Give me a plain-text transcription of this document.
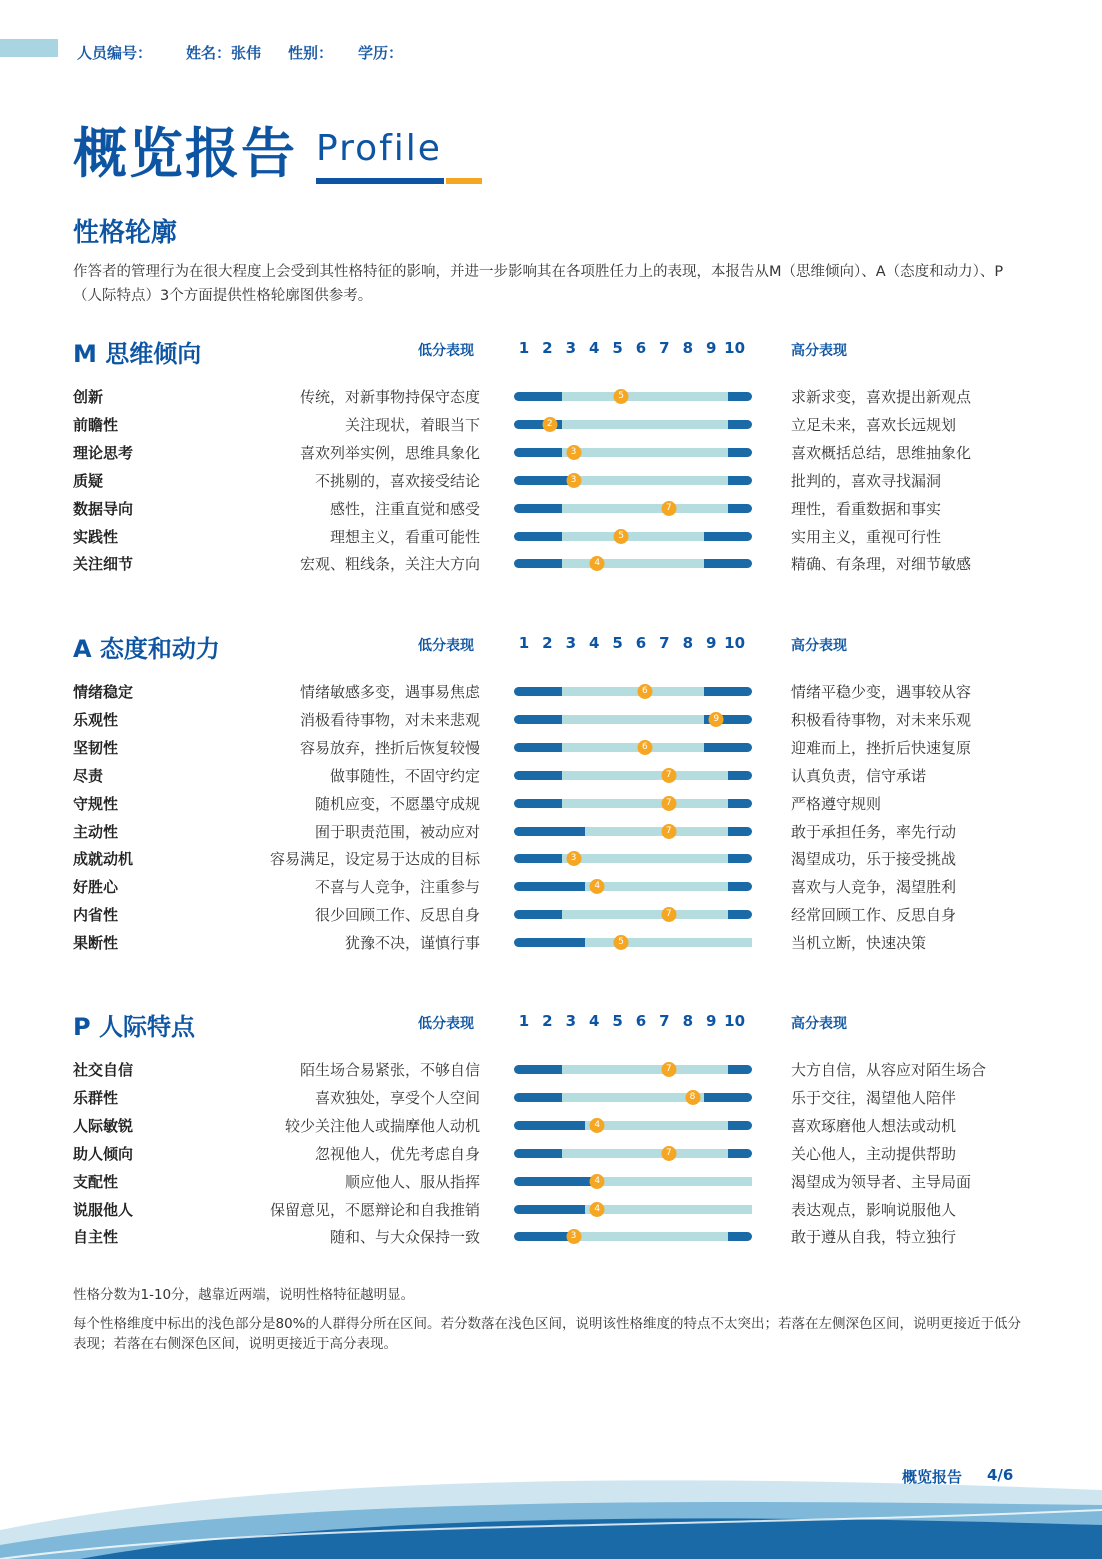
人员编号： 姓名：张伟 性别： 学历：
概览报告 Profile
性格轮廓
作答者的管理行为在很大程度上会受到其性格特征的影响，并进一步影响其在各项胜任力上的表现，本报告从M（思维倾向）、A（态度和动力）、P（人际特点）3个方面提供性格轮廓图供参考。
M 思维倾向	低分表现	高分表现
1 2 3 4 5 6 7 8 9 10
创新	传统，对新事物持保守态度	5	求新求变，喜欢提出新观点
前瞻性	关注现状，着眼当下	2	立足未来，喜欢长远规划
理论思考	喜欢列举实例，思维具象化	3	喜欢概括总结，思维抽象化
质疑	不挑剔的，喜欢接受结论	3	批判的，喜欢寻找漏洞
数据导向	感性，注重直觉和感受	7	理性，看重数据和事实
实践性	理想主义，看重可能性	5	实用主义，重视可行性
关注细节	宏观、粗线条，关注大方向	4	精确、有条理，对细节敏感
A 态度和动力	低分表现	高分表现
1 2 3 4 5 6 7 8 9 10
情绪稳定	情绪敏感多变，遇事易焦虑	6	情绪平稳少变，遇事较从容
乐观性	消极看待事物，对未来悲观	9	积极看待事物，对未来乐观
坚韧性	容易放弃，挫折后恢复较慢	6	迎难而上，挫折后快速复原
尽责	做事随性，不固守约定	7	认真负责，信守承诺
守规性	随机应变，不愿墨守成规	7	严格遵守规则
主动性	囿于职责范围，被动应对	7	敢于承担任务，率先行动
成就动机	容易满足，设定易于达成的目标	3	渴望成功，乐于接受挑战
好胜心	不喜与人竞争，注重参与	4	喜欢与人竞争，渴望胜利
内省性	很少回顾工作、反思自身	7	经常回顾工作、反思自身
果断性	犹豫不决，谨慎行事	5	当机立断，快速决策
P 人际特点	低分表现	高分表现
1 2 3 4 5 6 7 8 9 10
社交自信	陌生场合易紧张，不够自信	7	大方自信，从容应对陌生场合
乐群性	喜欢独处，享受个人空间	8	乐于交往，渴望他人陪伴
人际敏锐	较少关注他人或揣摩他人动机	4	喜欢琢磨他人想法或动机
助人倾向	忽视他人，优先考虑自身	7	关心他人，主动提供帮助
支配性	顺应他人、服从指挥	4	渴望成为领导者、主导局面
说服他人	保留意见，不愿辩论和自我推销	4	表达观点，影响说服他人
自主性	随和、与大众保持一致	3	敢于遵从自我，特立独行
性格分数为1-10分，越靠近两端，说明性格特征越明显。
每个性格维度中标出的浅色部分是80%的人群得分所在区间。若分数落在浅色区间，说明该性格维度的特点不太突出；若落在左侧深色区间，说明更接近于低分表现；若落在右侧深色区间，说明更接近于高分表现。
概览报告 4/6
